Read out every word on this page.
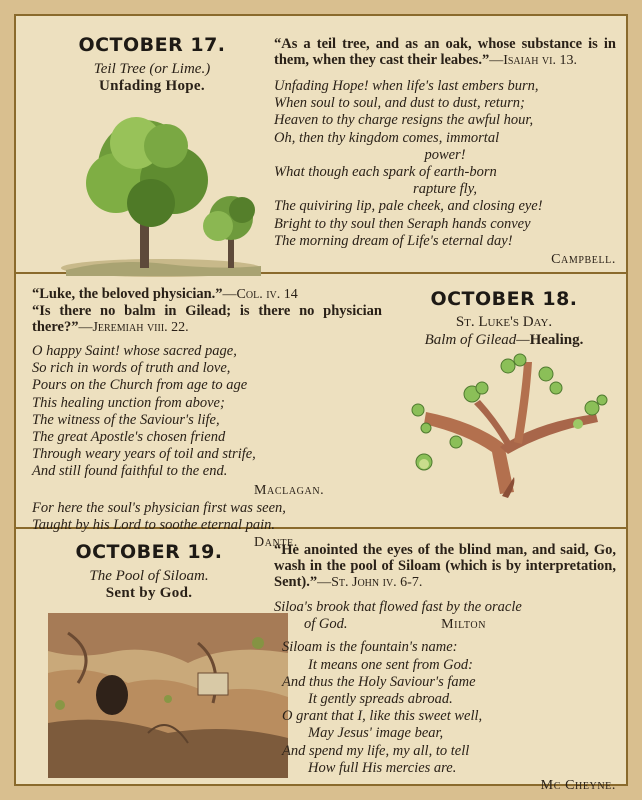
OCTOBER 17.
Teil Tree (or Lime.)
Unfading Hope.
“As a teil tree, and as an oak, whose substance is in them, when they cast their leabes.”—Isaiah vi. 13.
Unfading Hope! when life's last embers burn,
When soul to soul, and dust to dust, return;
Heaven to thy charge resigns the awful hour,
Oh, then thy kingdom comes, immortal
power!
What though each spark of earth-born
rapture fly,
The quiviring lip, pale cheek, and closing eye!
Bright to thy soul then Seraph hands convey
The morning dream of Life's eternal day!
Campbell.
“Luke, the beloved physician.”—Col. iv. 14
“Is there no balm in Gilead; is there no physician there?”—Jeremiah viii. 22.
O happy Saint! whose sacred page,
So rich in words of truth and love,
Pours on the Church from age to age
This healing unction from above;
The witness of the Saviour's life,
The great Apostle's chosen friend
Through weary years of toil and strife,
And still found faithful to the end.
Maclagan.
For here the soul's physician first was seen,
Taught by his Lord to soothe eternal pain.
Dante.
OCTOBER 18.
St. Luke's Day.
Balm of Gilead—Healing.
OCTOBER 19.
The Pool of Siloam.
Sent by God.
“He anointed the eyes of the blind man, and said, Go, wash in the pool of Siloam (which is by interpretation, Sent).”—St. John iv. 6-7.
Siloa's brook that flowed fast by the oracle
of God.	Milton
Siloam is the fountain's name:
It means one sent from God:
And thus the Holy Saviour's fame
It gently spreads abroad.
O grant that I, like this sweet well,
May Jesus' image bear,
And spend my life, my all, to tell
How full His mercies are.
Mc Cheyne.
